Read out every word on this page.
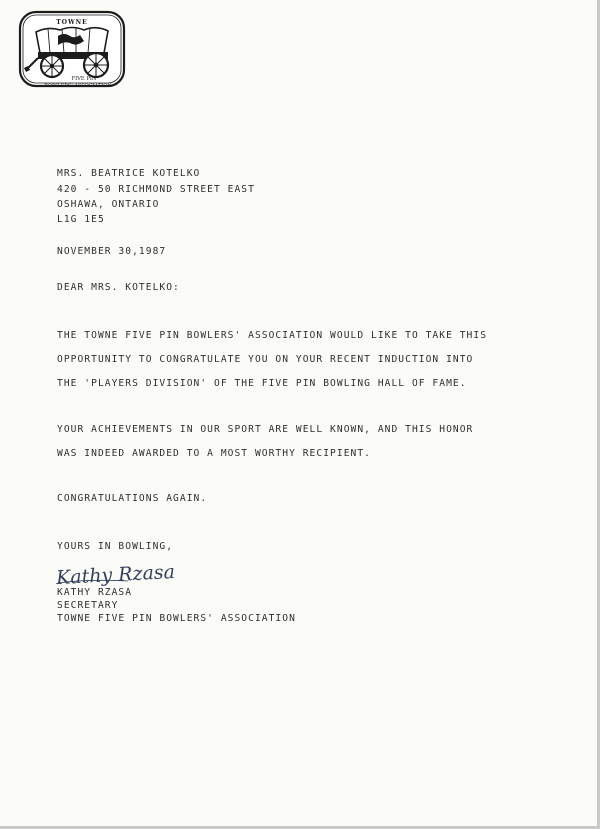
TOWNE
FIVE PIN
BOWLERS' ASSOCIATION
MRS. BEATRICE KOTELKO
420 - 50 RICHMOND STREET EAST
OSHAWA, ONTARIO
L1G 1E5
NOVEMBER 30,1987
DEAR MRS. KOTELKO:
THE TOWNE FIVE PIN BOWLERS' ASSOCIATION WOULD LIKE TO TAKE THIS
OPPORTUNITY TO CONGRATULATE YOU ON YOUR RECENT INDUCTION INTO
THE 'PLAYERS DIVISION' OF THE FIVE PIN BOWLING HALL OF FAME.
YOUR ACHIEVEMENTS IN OUR SPORT ARE WELL KNOWN, AND THIS HONOR
WAS INDEED AWARDED TO A MOST WORTHY RECIPIENT.
CONGRATULATIONS AGAIN.
YOURS IN BOWLING,
Kathy Rzasa
KATHY RZASA
SECRETARY
TOWNE FIVE PIN BOWLERS' ASSOCIATION
